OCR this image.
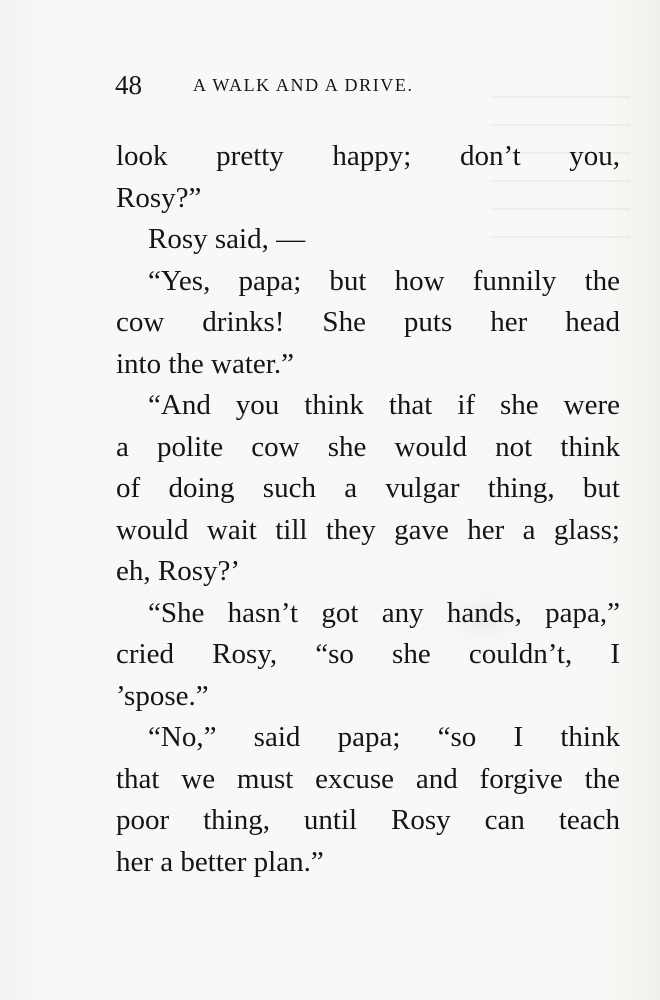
48	A WALK AND A DRIVE.
look pretty happy; don’t you,
Rosy?”
Rosy said, —
“Yes, papa; but how funnily the
cow drinks! She puts her head
into the water.”
“And you think that if she were
a polite cow she would not think
of doing such a vulgar thing, but
would wait till they gave her a glass;
eh, Rosy?’
“She hasn’t got any hands, papa,”
cried Rosy, “so she couldn’t, I
’spose.”
“No,” said papa; “so I think
that we must excuse and forgive the
poor thing, until Rosy can teach
her a better plan.”
